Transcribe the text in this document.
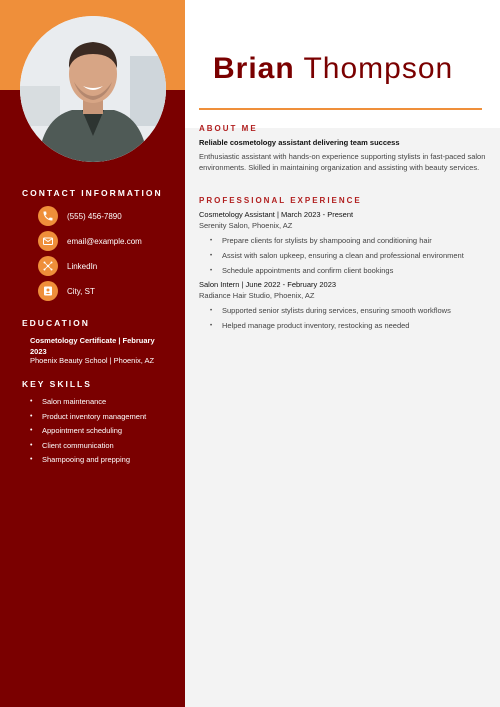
Brian Thompson
CONTACT INFORMATION
(555) 456-7890
email@example.com
LinkedIn
City, ST
EDUCATION
Cosmetology Certificate | February 2023
Phoenix Beauty School | Phoenix, AZ
KEY SKILLS
• Salon maintenance
• Product inventory management
• Appointment scheduling
• Client communication
• Shampooing and prepping
ABOUT ME
Reliable cosmetology assistant delivering team success
Enthusiastic assistant with hands-on experience supporting stylists in fast-paced salon environments. Skilled in maintaining organization and assisting with beauty services.
PROFESSIONAL EXPERIENCE
Cosmetology Assistant | March 2023 - Present
Serenity Salon, Phoenix, AZ
• Prepare clients for stylists by shampooing and conditioning hair
• Assist with salon upkeep, ensuring a clean and professional environment
• Schedule appointments and confirm client bookings
Salon Intern | June 2022 - February 2023
Radiance Hair Studio, Phoenix, AZ
• Supported senior stylists during services, ensuring smooth workflows
• Helped manage product inventory, restocking as needed
